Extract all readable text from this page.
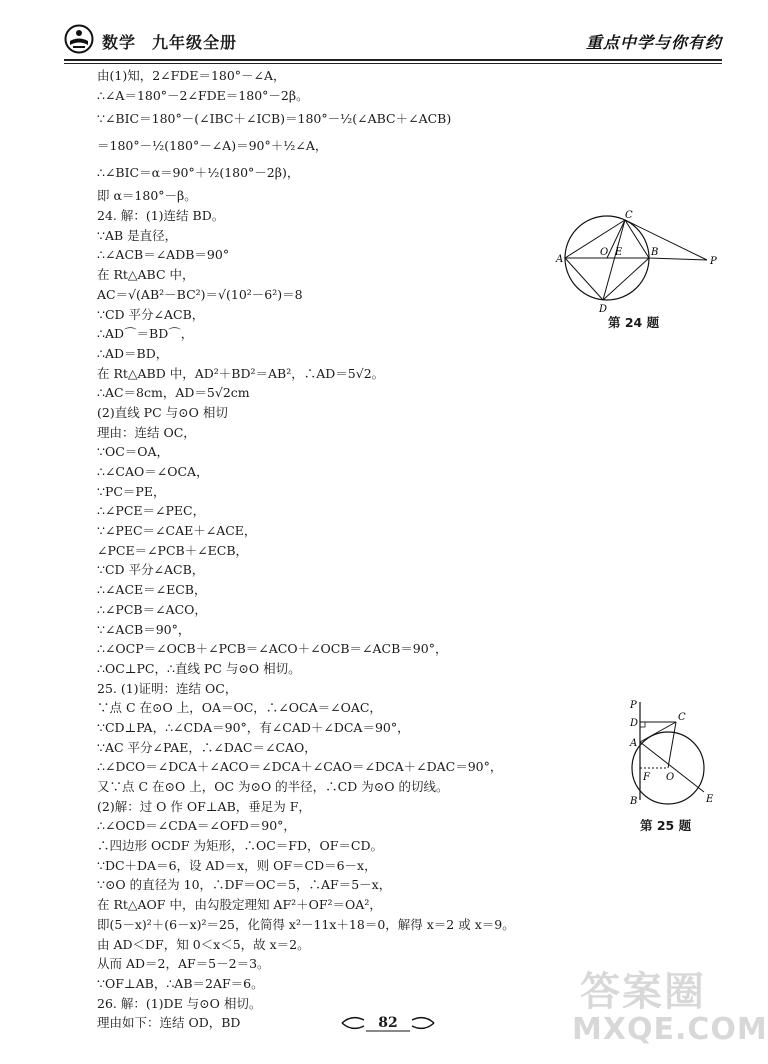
数学 九年级全册	重点中学与你有约
由(1)知，2∠FDE＝180°－∠A，
∴∠A＝180°－2∠FDE＝180°－2β。
∵∠BIC＝180°－(∠IBC＋∠ICB)＝180°－½(∠ABC＋∠ACB)
＝180°－½(180°－∠A)＝90°＋½∠A，
∴∠BIC＝α＝90°＋½(180°－2β)，
即 α＝180°－β。
24. 解：(1)连结 BD。
∵AB 是直径，
∴∠ACB＝∠ADB＝90°
在 Rt△ABC 中，
AC＝√(AB²－BC²)＝√(10²－6²)＝8
∵CD 平分∠ACB，
∴AD⌒＝BD⌒，
∴AD＝BD，
在 Rt△ABD 中，AD²＋BD²＝AB²，∴AD＝5√2。
∴AC＝8cm，AD＝5√2cm
(2)直线 PC 与⊙O 相切
理由：连结 OC，
∵OC＝OA，
∴∠CAO＝∠OCA，
∵PC＝PE，
∴∠PCE＝∠PEC，
∵∠PEC＝∠CAE＋∠ACE，
∠PCE＝∠PCB＋∠ECB，
∵CD 平分∠ACB，
∴∠ACE＝∠ECB，
∴∠PCB＝∠ACO，
∵∠ACB＝90°，
∴∠OCP＝∠OCB＋∠PCB＝∠ACO＋∠OCB＝∠ACB＝90°，
∴OC⊥PC，∴直线 PC 与⊙O 相切。
25. (1)证明：连结 OC，
∵点 C 在⊙O 上，OA＝OC，∴∠OCA＝∠OAC，
∵CD⊥PA，∴∠CDA＝90°，有∠CAD＋∠DCA＝90°，
∵AC 平分∠PAE，∴∠DAC＝∠CAO，
∴∠DCO＝∠DCA＋∠ACO＝∠DCA＋∠CAO＝∠DCA＋∠DAC＝90°，
又∵点 C 在⊙O 上，OC 为⊙O 的半径，∴CD 为⊙O 的切线。
(2)解：过 O 作 OF⊥AB，垂足为 F，
∴∠OCD＝∠CDA＝∠OFD＝90°，
∴四边形 OCDF 为矩形，∴OC＝FD，OF＝CD。
∵DC＋DA＝6，设 AD＝x，则 OF＝CD＝6－x，
∵⊙O 的直径为 10，∴DF＝OC＝5，∴AF＝5－x，
在 Rt△AOF 中，由勾股定理知 AF²＋OF²＝OA²，
即(5－x)²＋(6－x)²＝25，化简得 x²－11x＋18＝0，解得 x＝2 或 x＝9。
由 AD＜DF，知 0＜x＜5，故 x＝2。
从而 AD＝2，AF＝5－2＝3。
∵OF⊥AB，∴AB＝2AF＝6。
26. 解：(1)DE 与⊙O 相切。
理由如下：连结 OD，BD
C
A
O E	B
P
D
第 24 题
P
D
C
A
F O
B	E
第 25 题
82
答案圈
MXQE.COM
